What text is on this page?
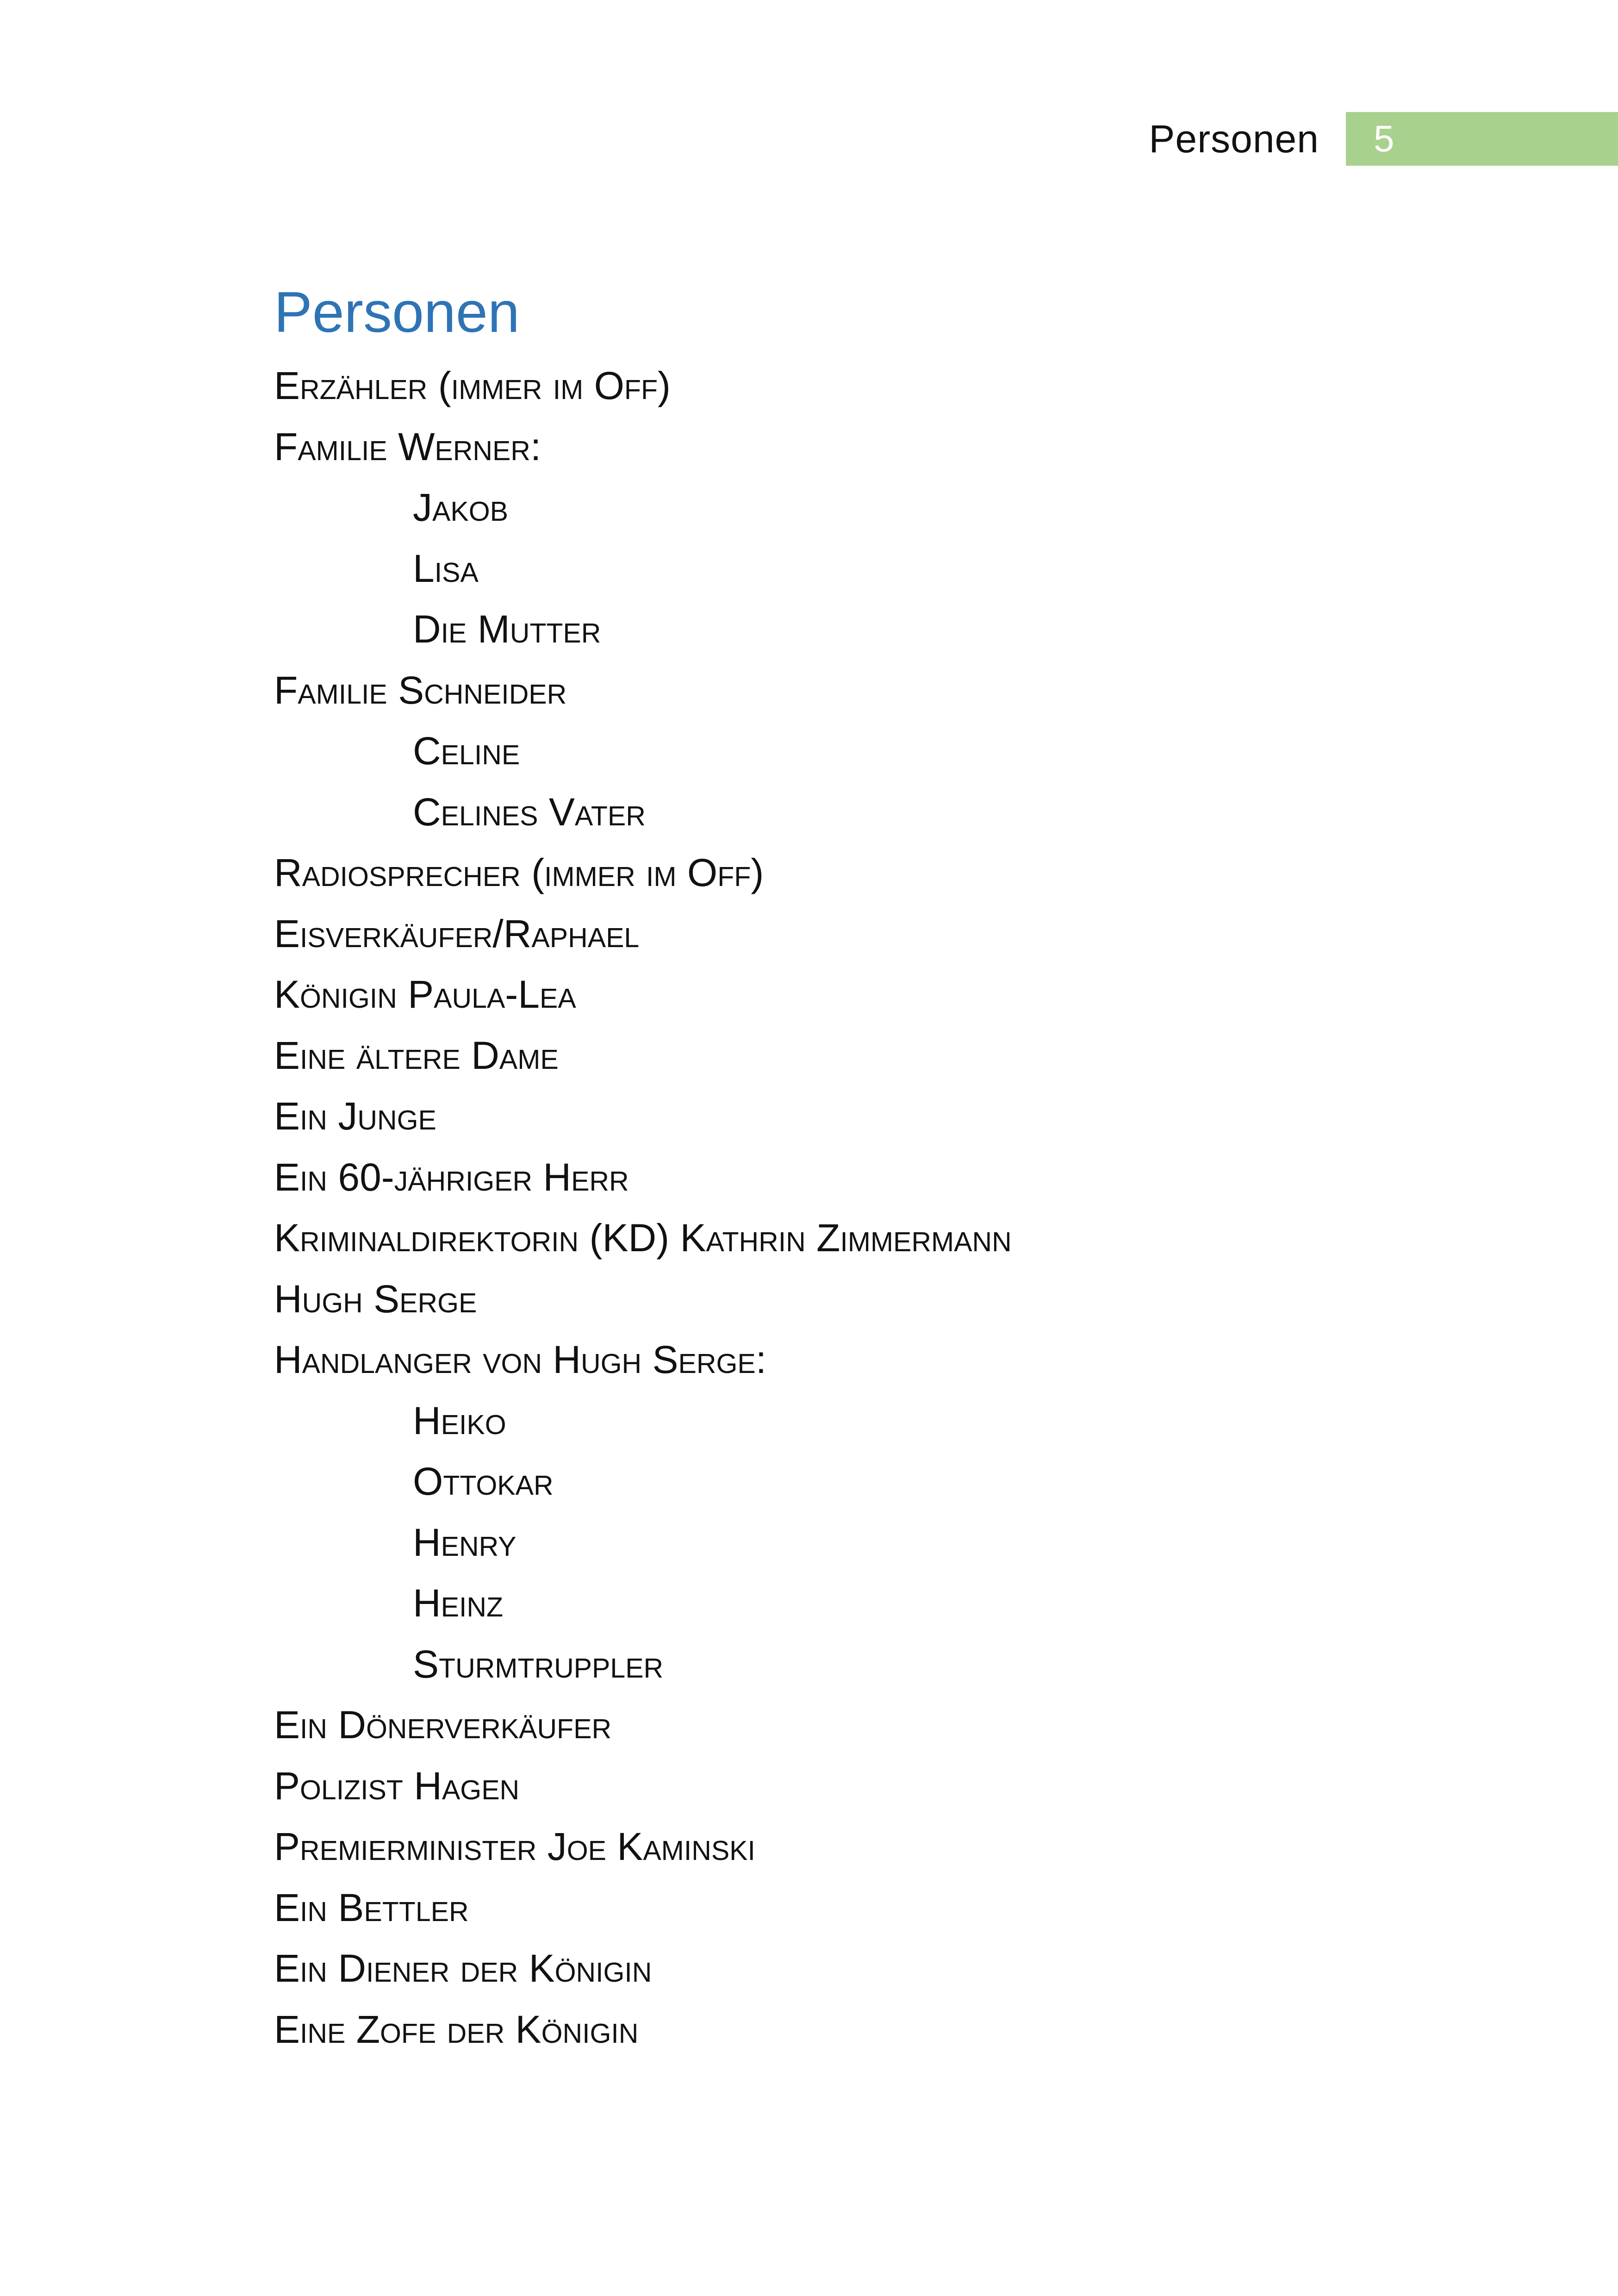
Personen 5
Personen
Erzähler (immer im Off)
Familie Werner:
Jakob
Lisa
Die Mutter
Familie Schneider
Celine
Celines Vater
Radiosprecher (immer im Off)
Eisverkäufer/Raphael
Königin Paula-Lea
Eine ältere Dame
Ein Junge
Ein 60-jähriger Herr
Kriminaldirektorin (KD) Kathrin Zimmermann
Hugh Serge
Handlanger von Hugh Serge:
Heiko
Ottokar
Henry
Heinz
Sturmtruppler
Ein Dönerverkäufer
Polizist Hagen
Premierminister Joe Kaminski
Ein Bettler
Ein Diener der Königin
Eine Zofe der Königin
